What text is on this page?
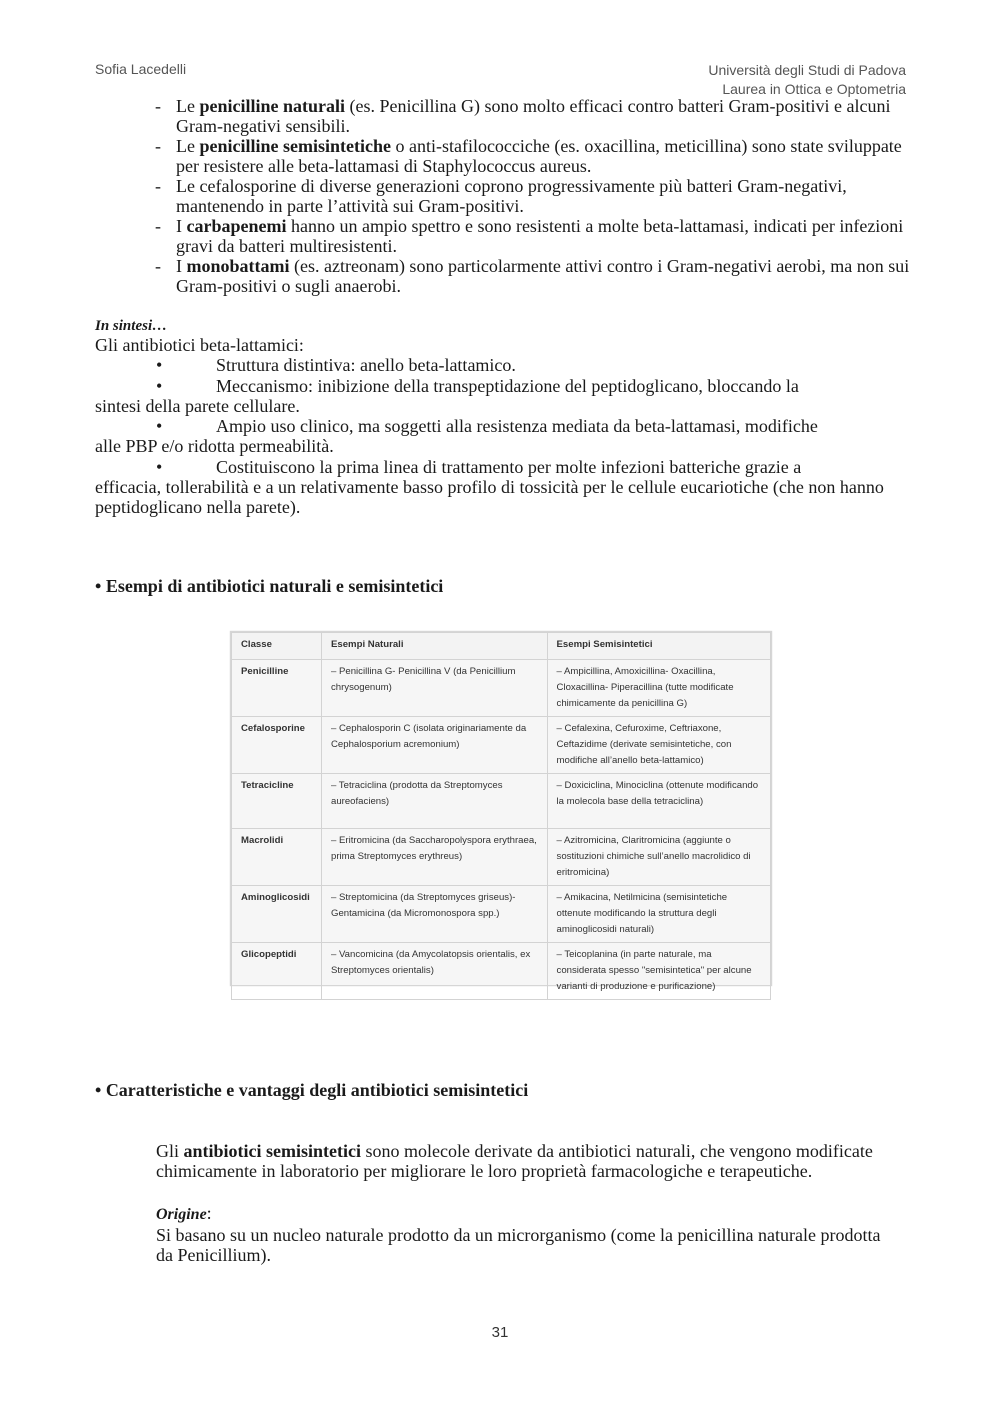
Sofia Lacedelli	Università degli Studi di Padova
Laurea in Ottica e Optometria
- Le penicilline naturali (es. Penicillina G) sono molto efficaci contro batteri Gram-positivi e alcuni Gram-negativi sensibili.
- Le penicilline semisintetiche o anti-stafilococciche (es. oxacillina, meticillina) sono state sviluppate per resistere alle beta-lattamasi di Staphylococcus aureus.
- Le cefalosporine di diverse generazioni coprono progressivamente più batteri Gram-negativi, mantenendo in parte l’attività sui Gram-positivi.
- I carbapenemi hanno un ampio spettro e sono resistenti a molte beta-lattamasi, indicati per infezioni gravi da batteri multiresistenti.
- I monobattami (es. aztreonam) sono particolarmente attivi contro i Gram-negativi aerobi, ma non sui Gram-positivi o sugli anaerobi.

In sintesi…

Gli antibiotici beta-lattamici:

•	Struttura distintiva: anello beta-lattamico.

•	Meccanismo: inibizione della transpeptidazione del peptidoglicano, bloccando la

sintesi della parete cellulare.

•	Ampio uso clinico, ma soggetti alla resistenza mediata da beta-lattamasi, modifiche

alle PBP e/o ridotta permeabilità.

•	Costituiscono la prima linea di trattamento per molte infezioni batteriche grazie a

efficacia, tollerabilità e a un relativamente basso profilo di tossicità per le cellule eucariotiche (che non hanno peptidoglicano nella parete).

• Esempi di antibiotici naturali e semisintetici
Classe	Esempi Naturali	Esempi Semisintetici
Penicilline	– Penicillina G- Penicillina V (da Penicillium chrysogenum)	– Ampicillina, Amoxicillina- Oxacillina, Cloxacillina- Piperacillina (tutte modificate chimicamente da penicillina G)
Cefalosporine	– Cephalosporin C (isolata originariamente da Cephalosporium acremonium)	– Cefalexina, Cefuroxime, Ceftriaxone, Ceftazidime (derivate semisintetiche, con modifiche all’anello beta-lattamico)
Tetracicline	– Tetraciclina (prodotta da Streptomyces aureofaciens)	– Doxiciclina, Minociclina (ottenute modificando la molecola base della tetraciclina)
Macrolidi	– Eritromicina (da Saccharopolyspora erythraea, prima Streptomyces erythreus)	– Azitromicina, Claritromicina (aggiunte o sostituzioni chimiche sull’anello macrolidico di eritromicina)
Aminoglicosidi	– Streptomicina (da Streptomyces griseus)- Gentamicina (da Micromonospora spp.)	– Amikacina, Netilmicina (semisintetiche ottenute modificando la struttura degli aminoglicosidi naturali)
Glicopeptidi	– Vancomicina (da Amycolatopsis orientalis, ex Streptomyces orientalis)	– Teicoplanina (in parte naturale, ma considerata spesso "semisintetica" per alcune varianti di produzione e purificazione)
• Caratteristiche e vantaggi degli antibiotici semisintetici

Gli antibiotici semisintetici sono molecole derivate da antibiotici naturali, che vengono modificate chimicamente in laboratorio per migliorare le loro proprietà farmacologiche e terapeutiche.

Origine:

Si basano su un nucleo naturale prodotto da un microrganismo (come la penicillina naturale prodotta da Penicillium).

31
